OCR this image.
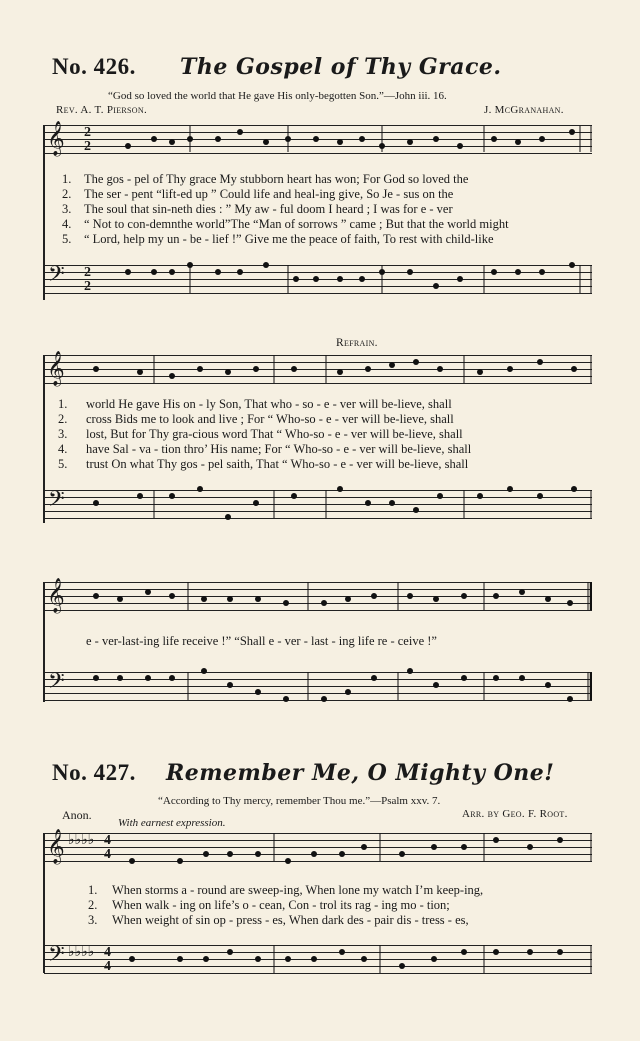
No. 426. The Gospel of Thy Grace.
“God so loved the world that He gave His only-begotten Son.”—John iii. 16.
Rev. A. T. Pierson.	J. McGranahan.
𝄞 2
2
1.
2.
3.
4.
5.
The gos - pel of Thy grace My stubborn heart has won; For God so loved the
The ser - pent “lift-ed up ” Could life and heal-ing give, So Je - sus on the
The soul that sin-neth dies : ” My aw - ful doom I heard ; I was for e - ver
“ Not to con-demnthe world”The “Man of sorrows ” came ; But that the world might
“ Lord, help my un - be - lief !” Give me the peace of faith, To rest with child-like
𝄢 2
2
Refrain.
𝄞
1.
2.
3.
4.
5.
world He gave His on - ly Son, That who - so - e - ver will be-lieve, shall
cross Bids me to look and live ; For “ Who-so - e - ver will be-lieve, shall
lost, But for Thy gra-cious word That “ Who-so - e - ver will be-lieve, shall
have Sal - va - tion thro’ His name; For “ Who-so - e - ver will be-lieve, shall
trust On what Thy gos - pel saith, That “ Who-so - e - ver will be-lieve, shall
𝄢
𝄞
e - ver-last-ing life receive !” “Shall e - ver - last - ing life re - ceive !”
𝄢
No. 427. Remember Me, O Mighty One!
“According to Thy mercy, remember Thou me.”—Psalm xxv. 7.
Anon.	Arr. by Geo. F. Root.
With earnest expression.
𝄞 ♭♭♭♭ 4
4
1.
2.
3.
When storms a - round are sweep-ing, When lone my watch I’m keep-ing,
When walk - ing on life’s o - cean, Con - trol its rag - ing mo - tion;
When weight of sin op - press - es, When dark des - pair dis - tress - es,
𝄢 ♭♭♭♭ 4
4
